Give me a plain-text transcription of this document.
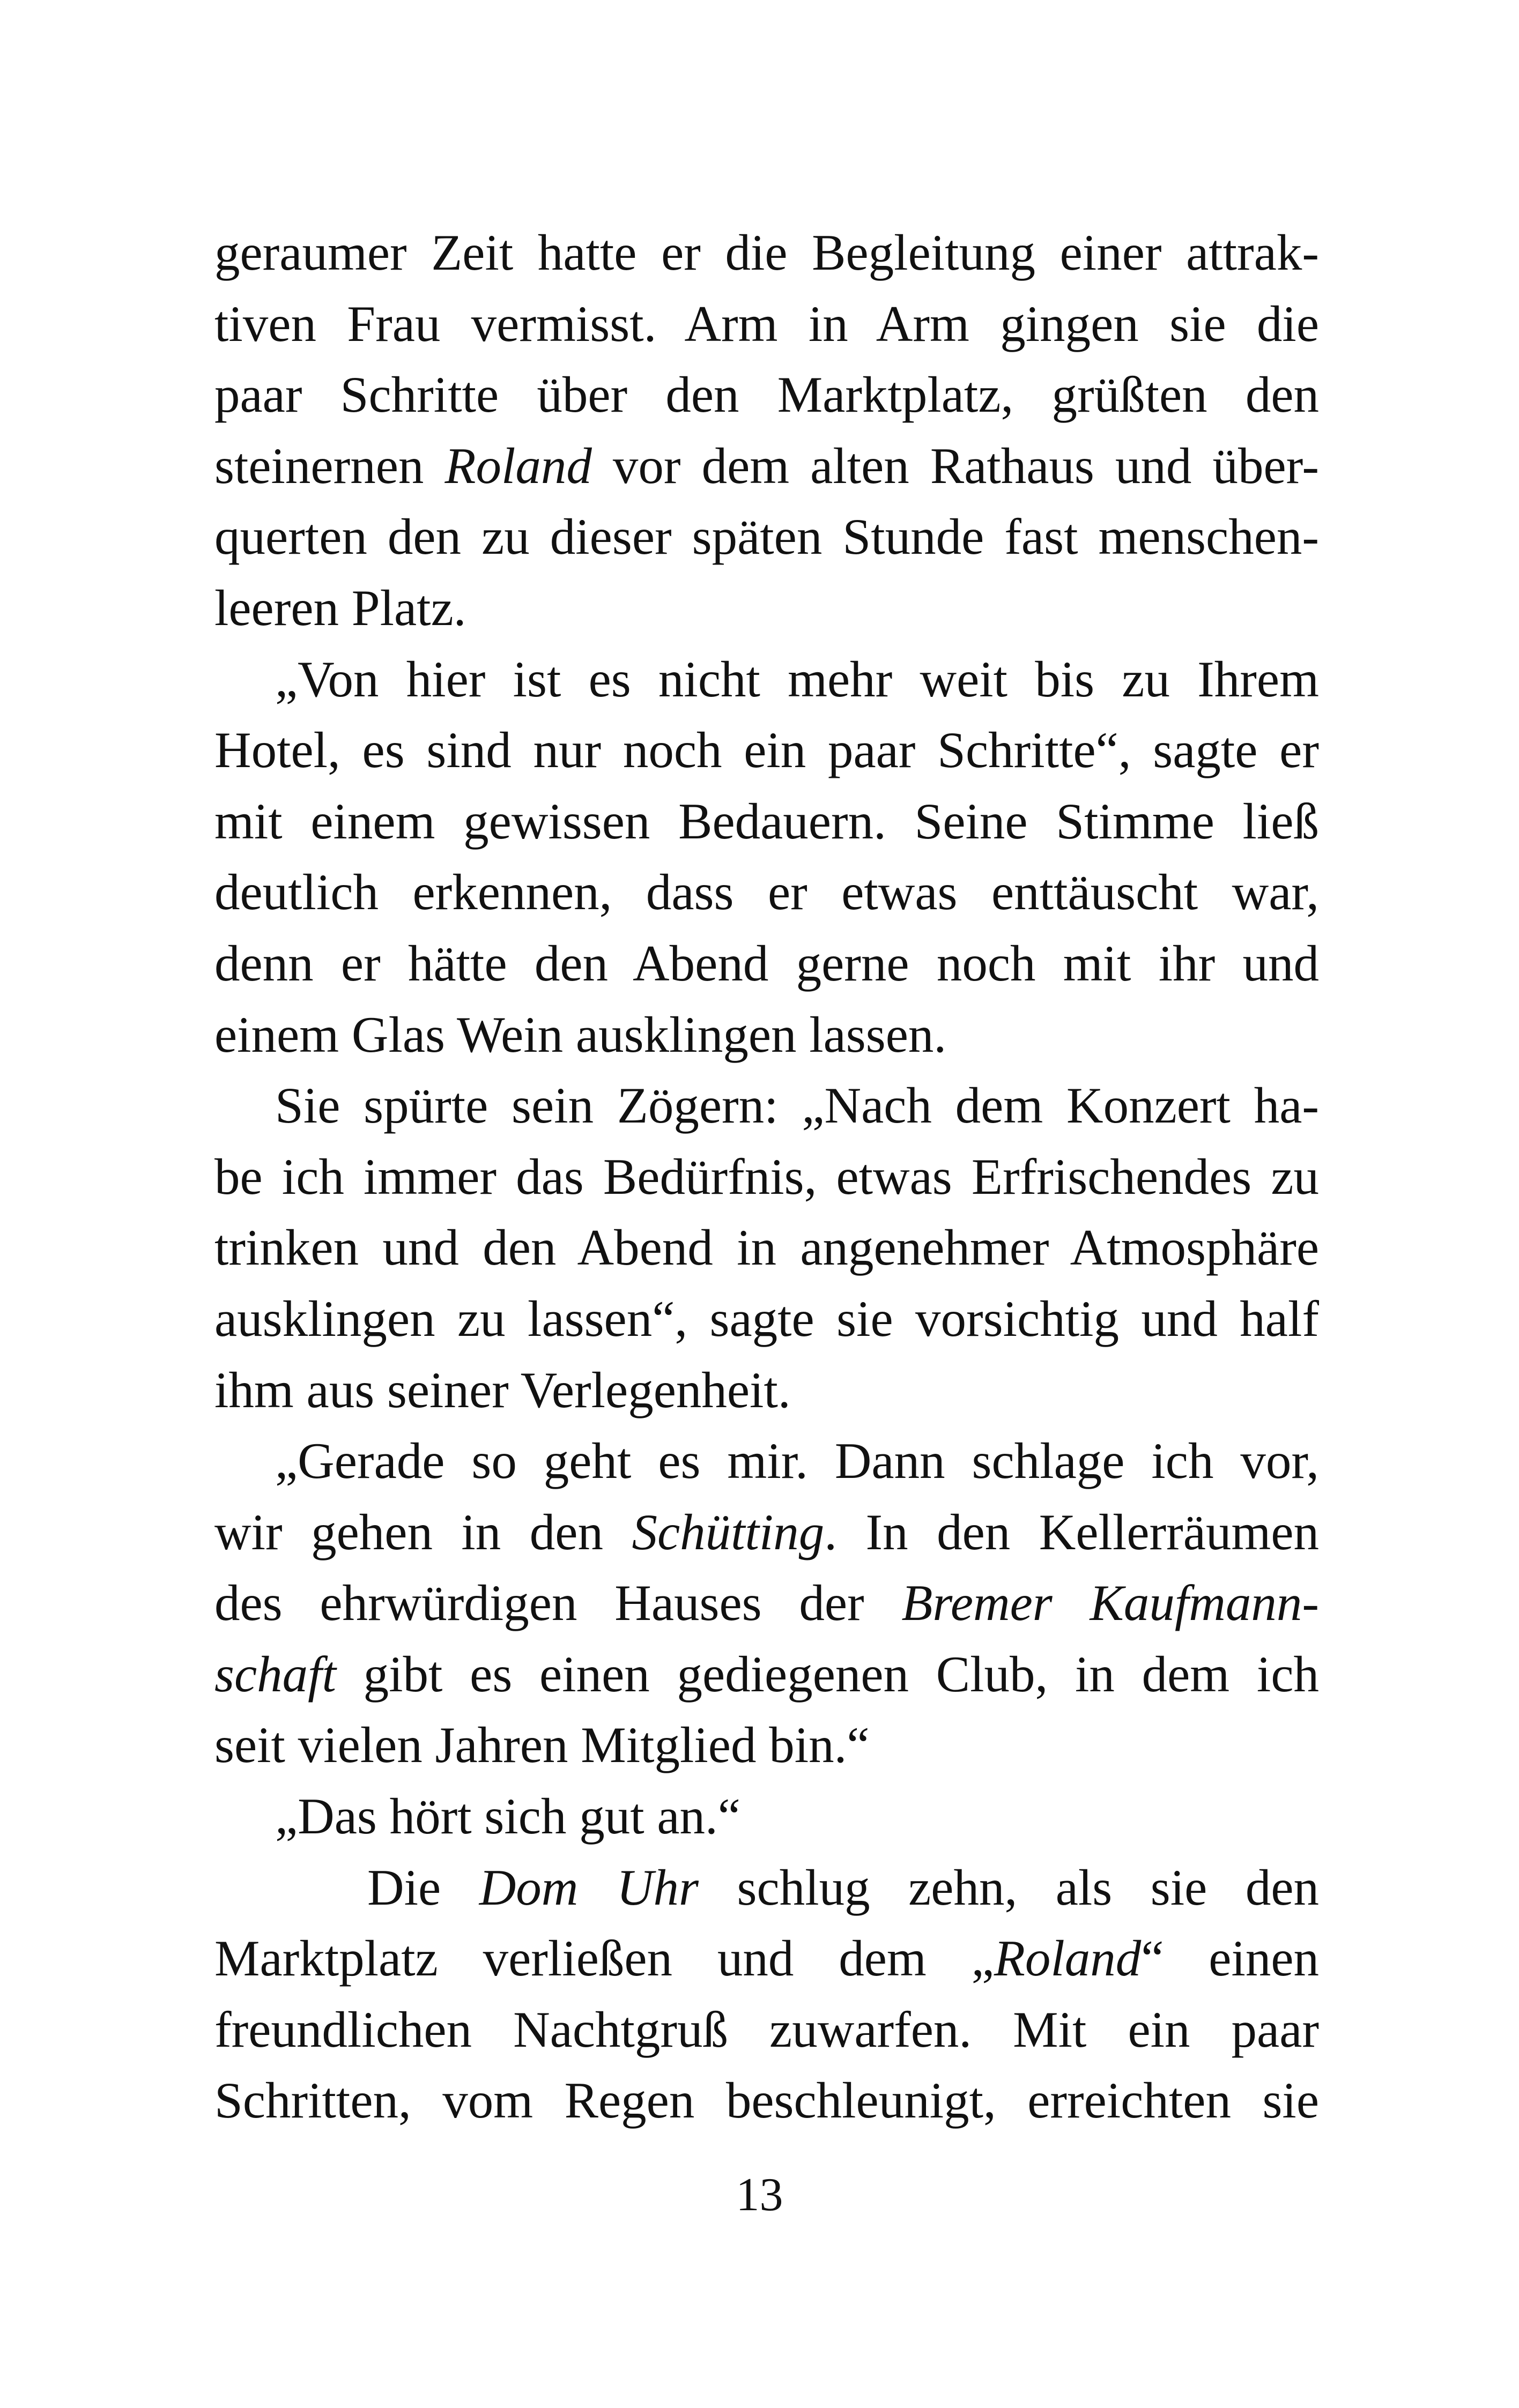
geraumer Zeit hatte er die Begleitung einer attrak-
tiven Frau vermisst. Arm in Arm gingen sie die
paar Schritte über den Marktplatz, grüßten den
steinernen Roland vor dem alten Rathaus und über-
querten den zu dieser späten Stunde fast menschen-
leeren Platz.
„Von hier ist es nicht mehr weit bis zu Ihrem
Hotel, es sind nur noch ein paar Schritte“, sagte er
mit einem gewissen Bedauern. Seine Stimme ließ
deutlich erkennen, dass er etwas enttäuscht war,
denn er hätte den Abend gerne noch mit ihr und
einem Glas Wein ausklingen lassen.
Sie spürte sein Zögern: „Nach dem Konzert ha-
be ich immer das Bedürfnis, etwas Erfrischendes zu
trinken und den Abend in angenehmer Atmosphäre
ausklingen zu lassen“, sagte sie vorsichtig und half
ihm aus seiner Verlegenheit.
„Gerade so geht es mir. Dann schlage ich vor,
wir gehen in den Schütting. In den Kellerräumen
des ehrwürdigen Hauses der Bremer Kaufmann-
schaft gibt es einen gediegenen Club, in dem ich
seit vielen Jahren Mitglied bin.“
„Das hört sich gut an.“
Die Dom Uhr schlug zehn, als sie den
Marktplatz verließen und dem „Roland“ einen
freundlichen Nachtgruß zuwarfen. Mit ein paar
Schritten, vom Regen beschleunigt, erreichten sie
13
